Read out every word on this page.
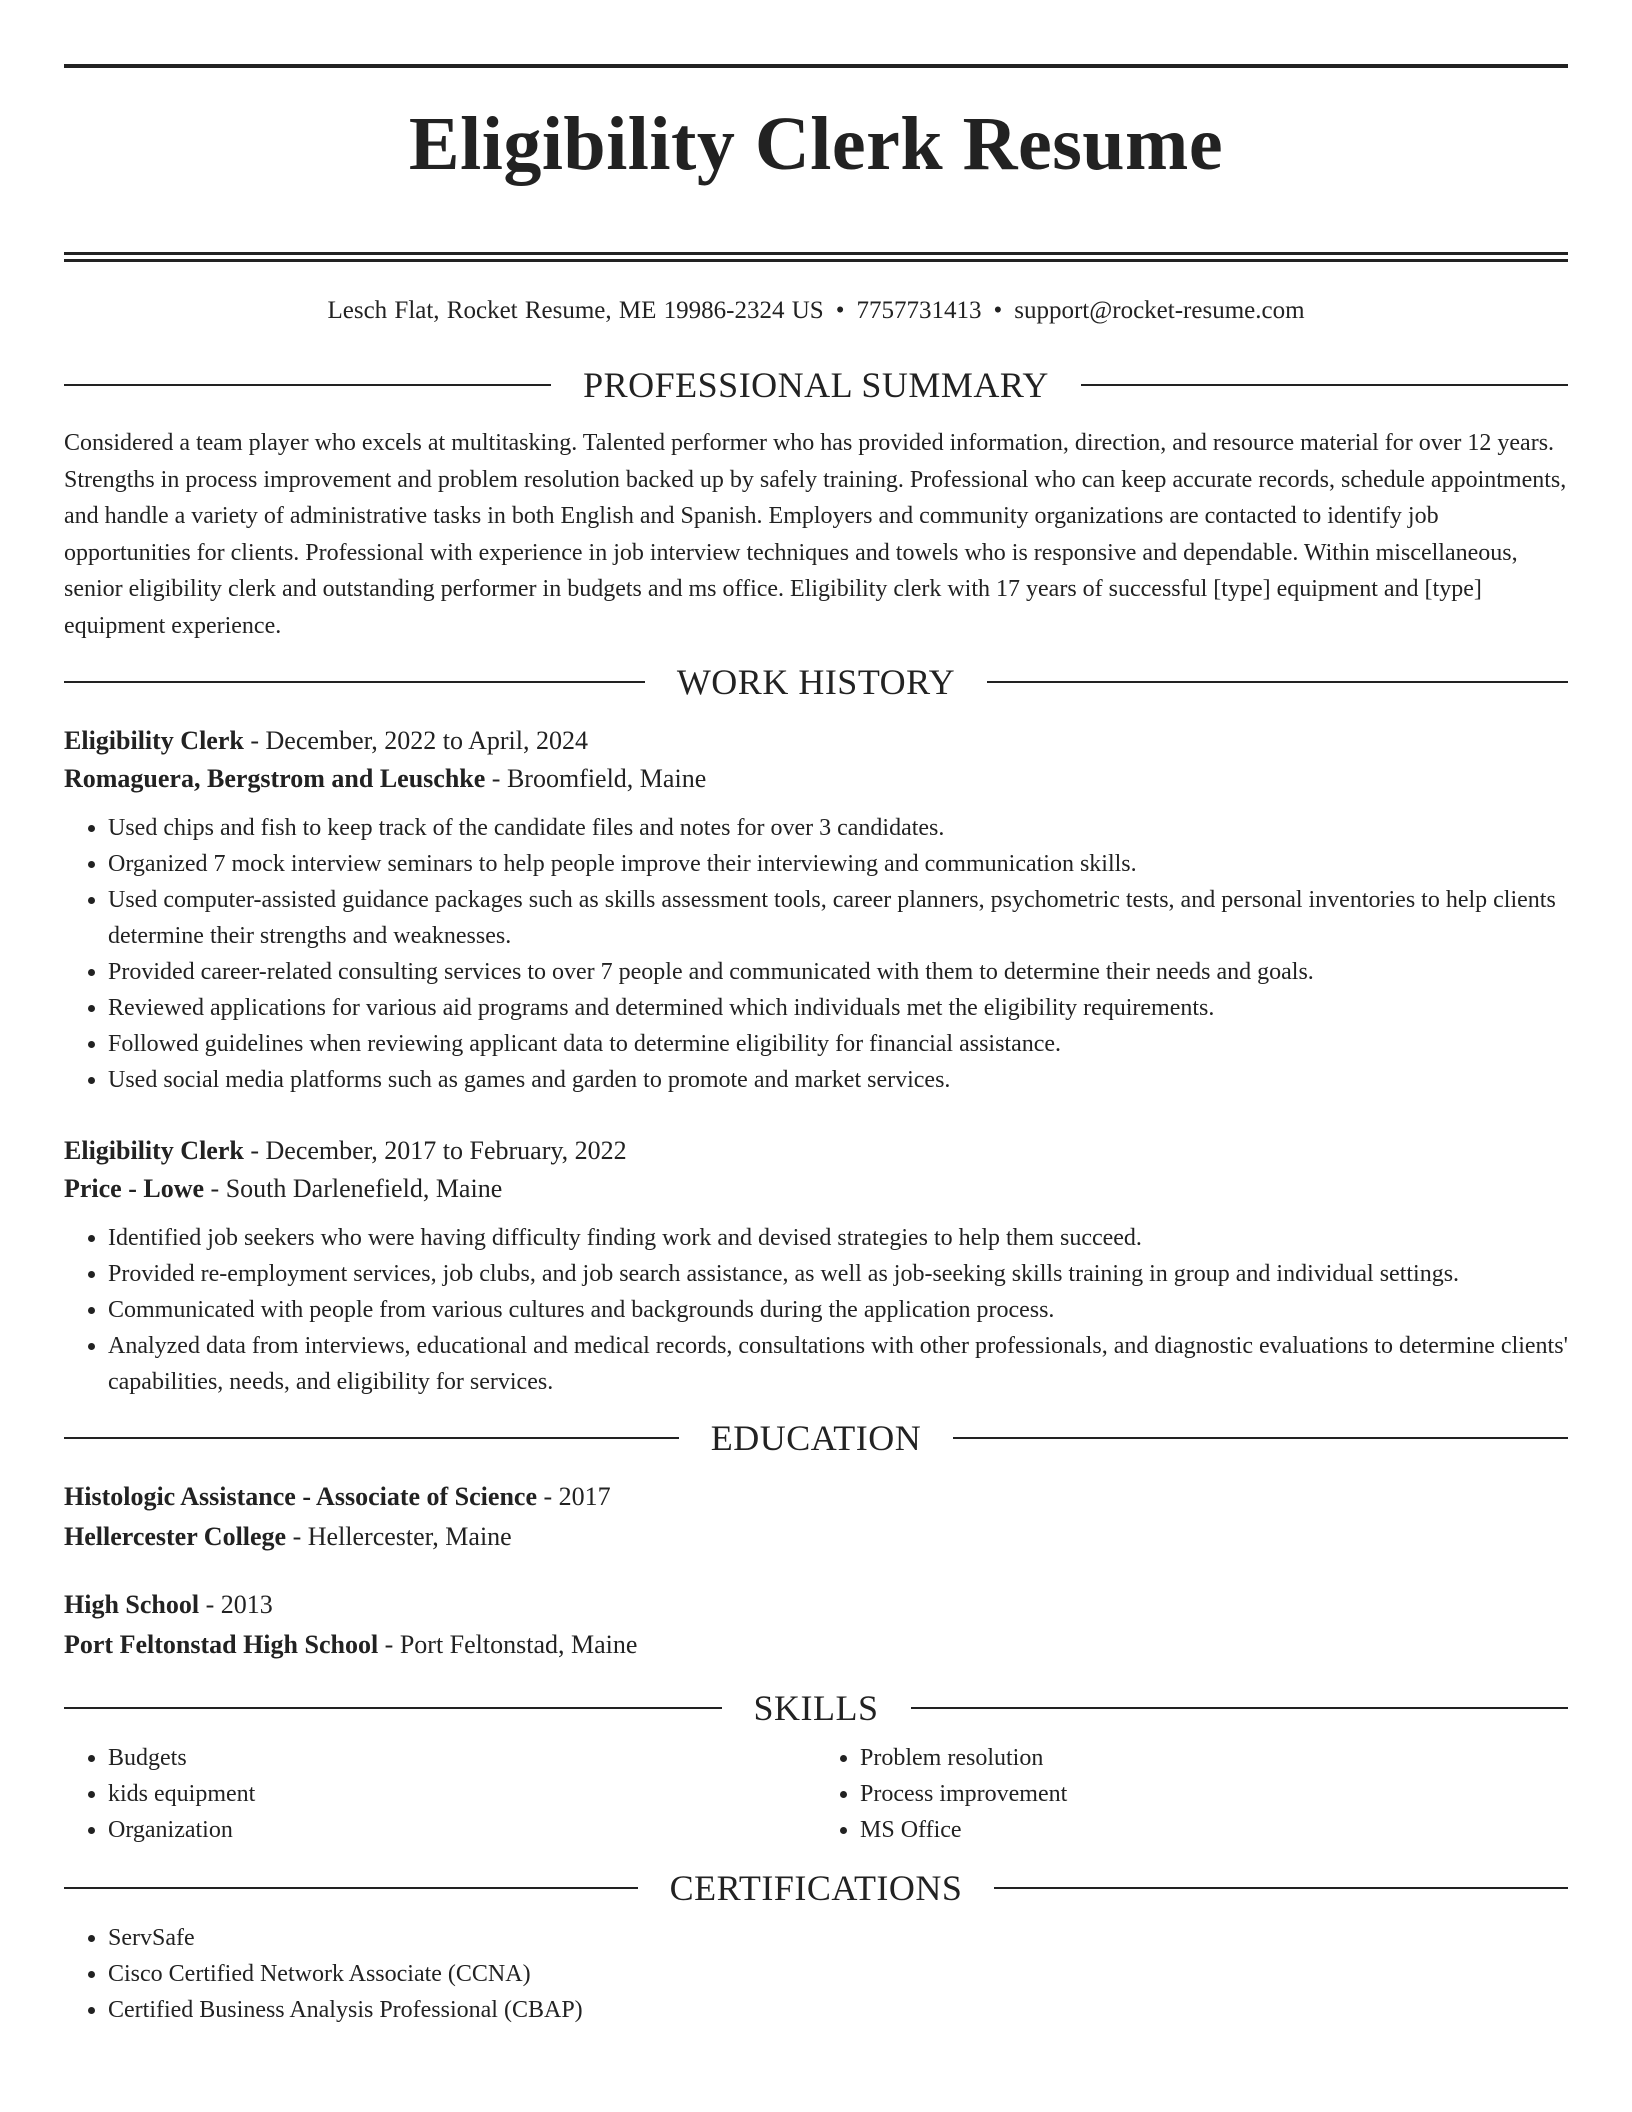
Eligibility Clerk Resume
Lesch Flat, Rocket Resume, ME 19986-2324 US • 7757731413 • support@rocket-resume.com
PROFESSIONAL SUMMARY

Considered a team player who excels at multitasking. Talented performer who has provided information, direction, and resource material for over 12 years. Strengths in process improvement and problem resolution backed up by safely training. Professional who can keep accurate records, schedule appointments, and handle a variety of administrative tasks in both English and Spanish. Employers and community organizations are contacted to identify job opportunities for clients. Professional with experience in job interview techniques and towels who is responsive and dependable. Within miscellaneous, senior eligibility clerk and outstanding performer in budgets and ms office. Eligibility clerk with 17 years of successful [type] equipment and [type] equipment experience.

WORK HISTORY

Eligibility Clerk - December, 2022 to April, 2024

Romaguera, Bergstrom and Leuschke - Broomfield, Maine

• Used chips and fish to keep track of the candidate files and notes for over 3 candidates.
• Organized 7 mock interview seminars to help people improve their interviewing and communication skills.
• Used computer-assisted guidance packages such as skills assessment tools, career planners, psychometric tests, and personal inventories to help clients determine their strengths and weaknesses.
• Provided career-related consulting services to over 7 people and communicated with them to determine their needs and goals.
• Reviewed applications for various aid programs and determined which individuals met the eligibility requirements.
• Followed guidelines when reviewing applicant data to determine eligibility for financial assistance.
• Used social media platforms such as games and garden to promote and market services.

Eligibility Clerk - December, 2017 to February, 2022

Price - Lowe - South Darlenefield, Maine

• Identified job seekers who were having difficulty finding work and devised strategies to help them succeed.
• Provided re-employment services, job clubs, and job search assistance, as well as job-seeking skills training in group and individual settings.
• Communicated with people from various cultures and backgrounds during the application process.
• Analyzed data from interviews, educational and medical records, consultations with other professionals, and diagnostic evaluations to determine clients' capabilities, needs, and eligibility for services.
EDUCATION

Histologic Assistance - Associate of Science - 2017

Hellercester College - Hellercester, Maine

High School - 2013

Port Feltonstad High School - Port Feltonstad, Maine

SKILLS
• Budgets
• kids equipment
• Organization
• Problem resolution
• Process improvement
• MS Office
CERTIFICATIONS
• ServSafe
• Cisco Certified Network Associate (CCNA)
• Certified Business Analysis Professional (CBAP)
